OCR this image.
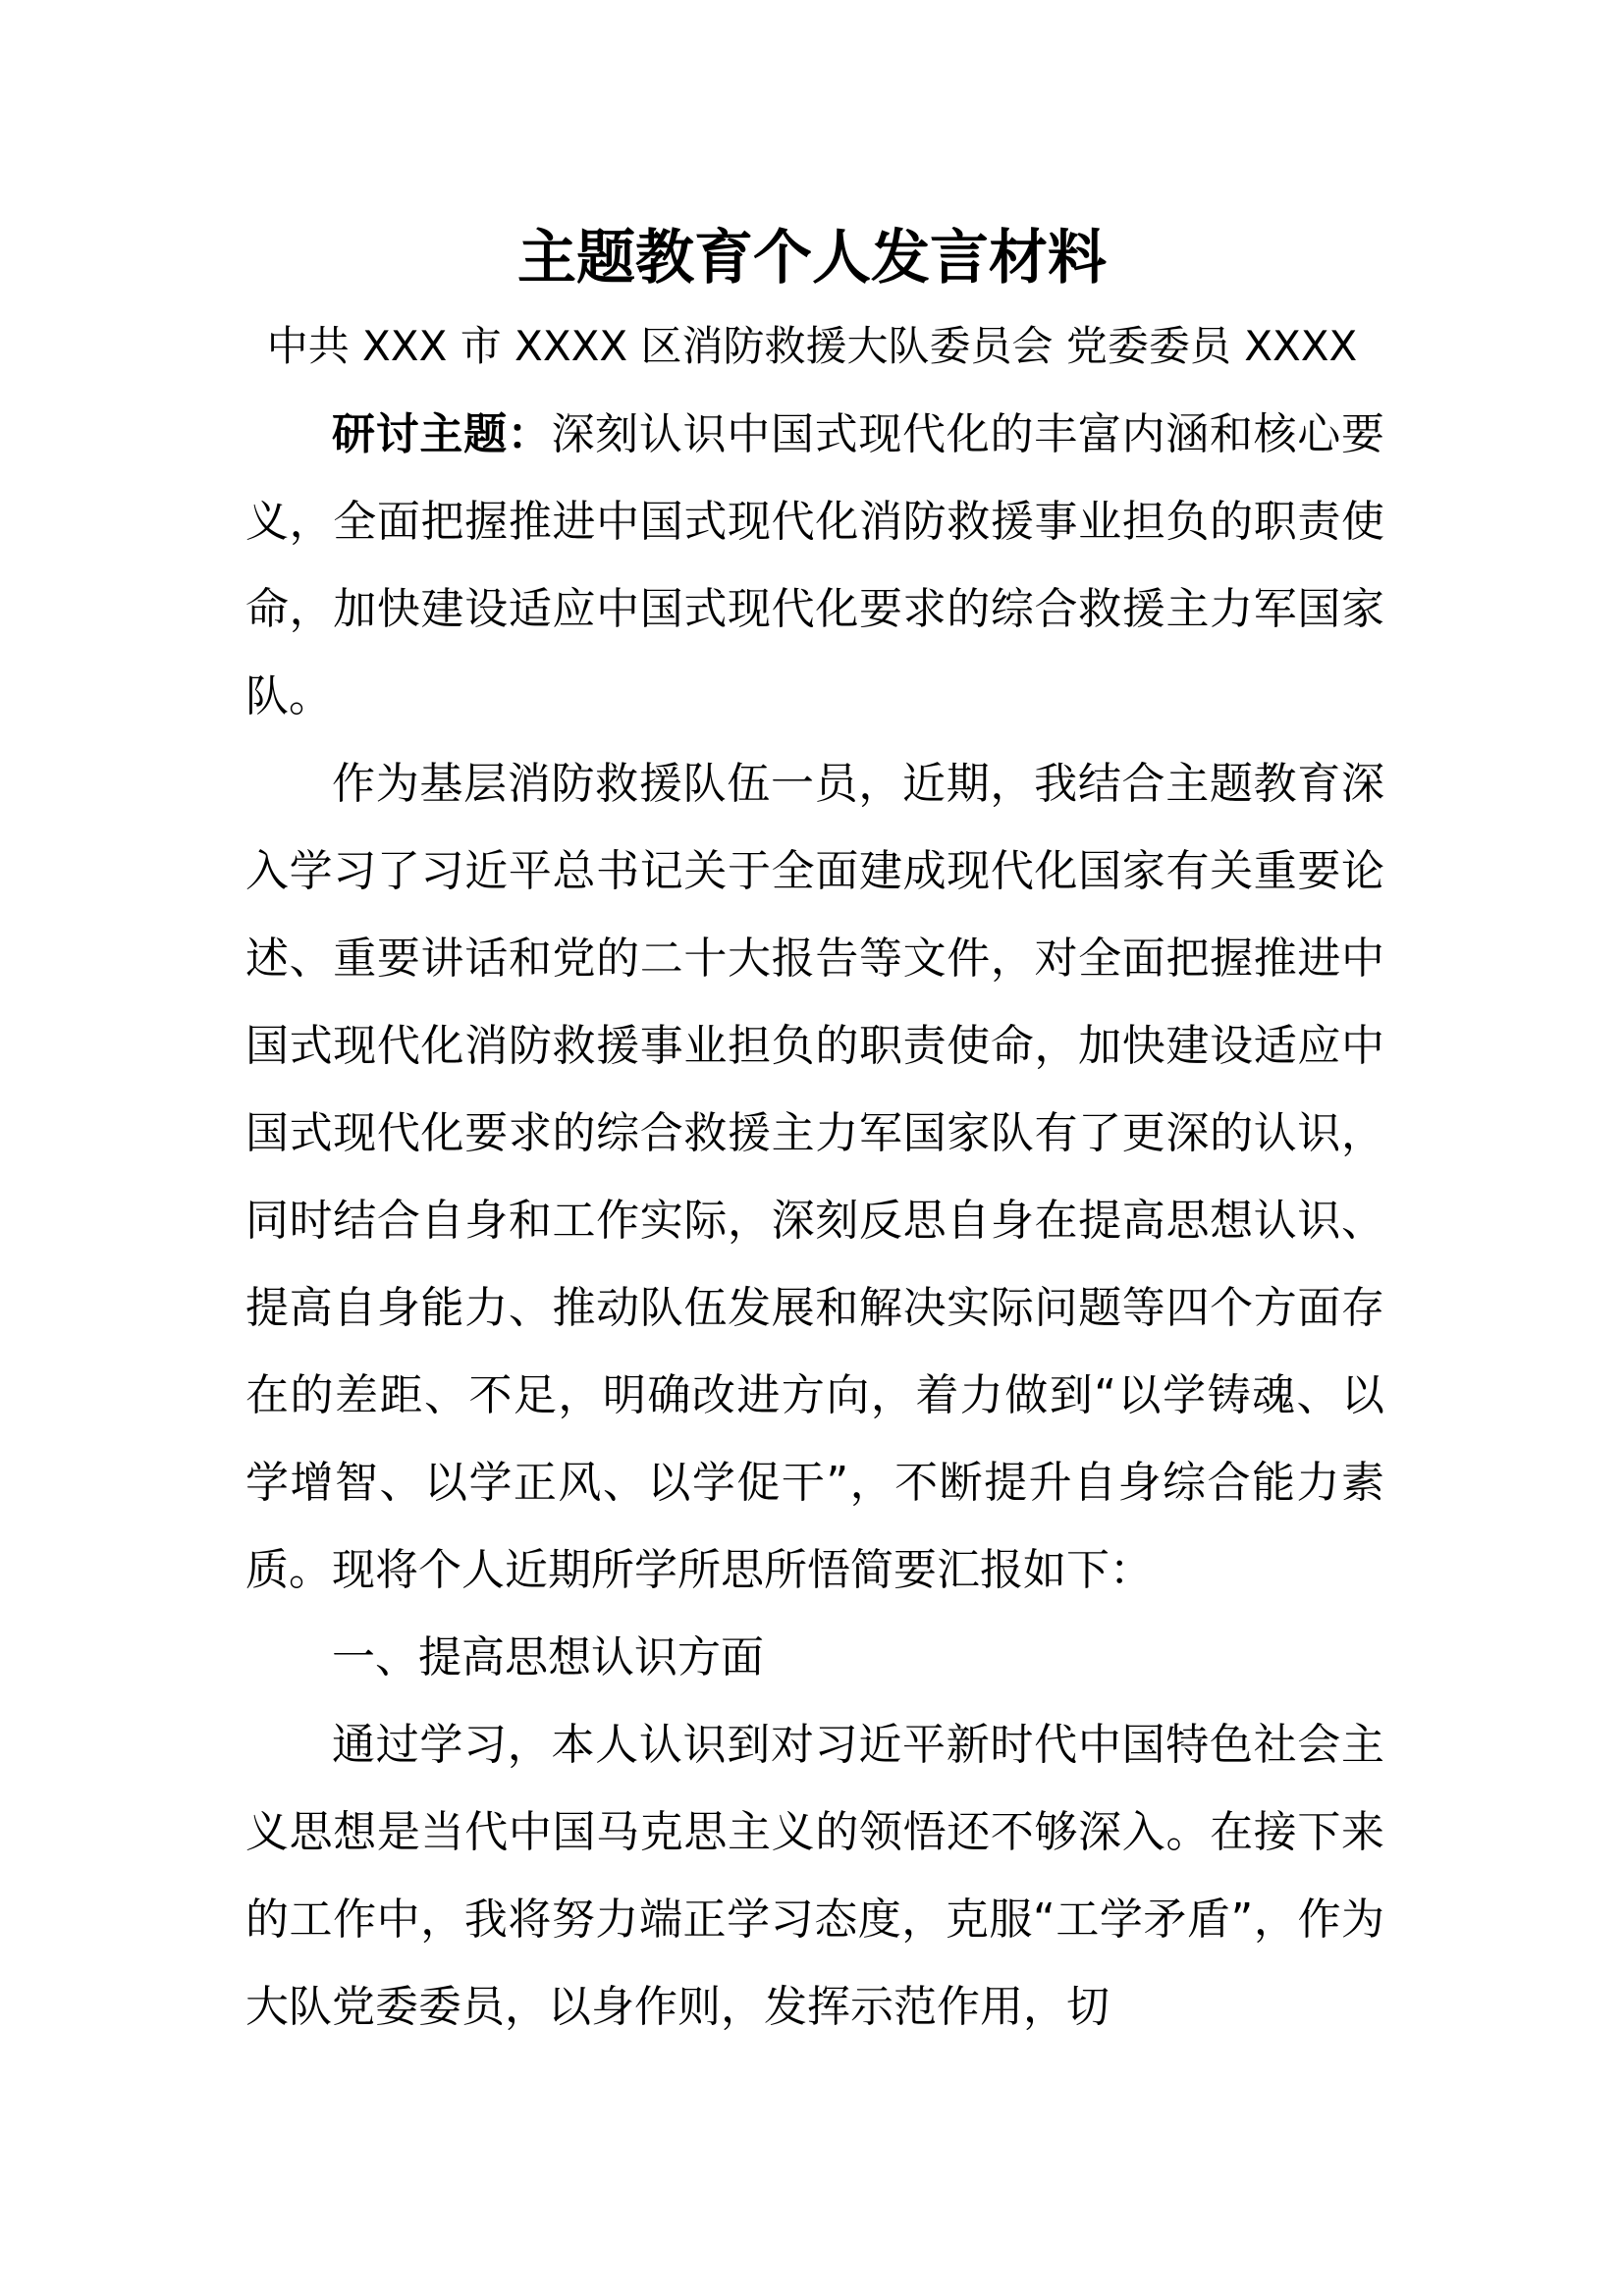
主题教育个人发言材料

中共 XXX 市 XXXX 区消防救援大队委员会 党委委员 XXXX

研讨主题：深刻认识中国式现代化的丰富内涵和核心要义，全面把握推进中国式现代化消防救援事业担负的职责使命，加快建设适应中国式现代化要求的综合救援主力军国家队。

作为基层消防救援队伍一员，近期，我结合主题教育深入学习了习近平总书记关于全面建成现代化国家有关重要论述、重要讲话和党的二十大报告等文件，对全面把握推进中国式现代化消防救援事业担负的职责使命，加快建设适应中国式现代化要求的综合救援主力军国家队有了更深的认识，同时结合自身和工作实际，深刻反思自身在提高思想认识、提高自身能力、推动队伍发展和解决实际问题等四个方面存在的差距、不足，明确改进方向，着力做到“以学铸魂、以学增智、以学正风、以学促干”，不断提升自身综合能力素质。现将个人近期所学所思所悟简要汇报如下：

一、提高思想认识方面

通过学习，本人认识到对习近平新时代中国特色社会主义思想是当代中国马克思主义的领悟还不够深入。在接下来的工作中，我将努力端正学习态度，克服“工学矛盾”，作为大队党委委员，以身作则，发挥示范作用，切
